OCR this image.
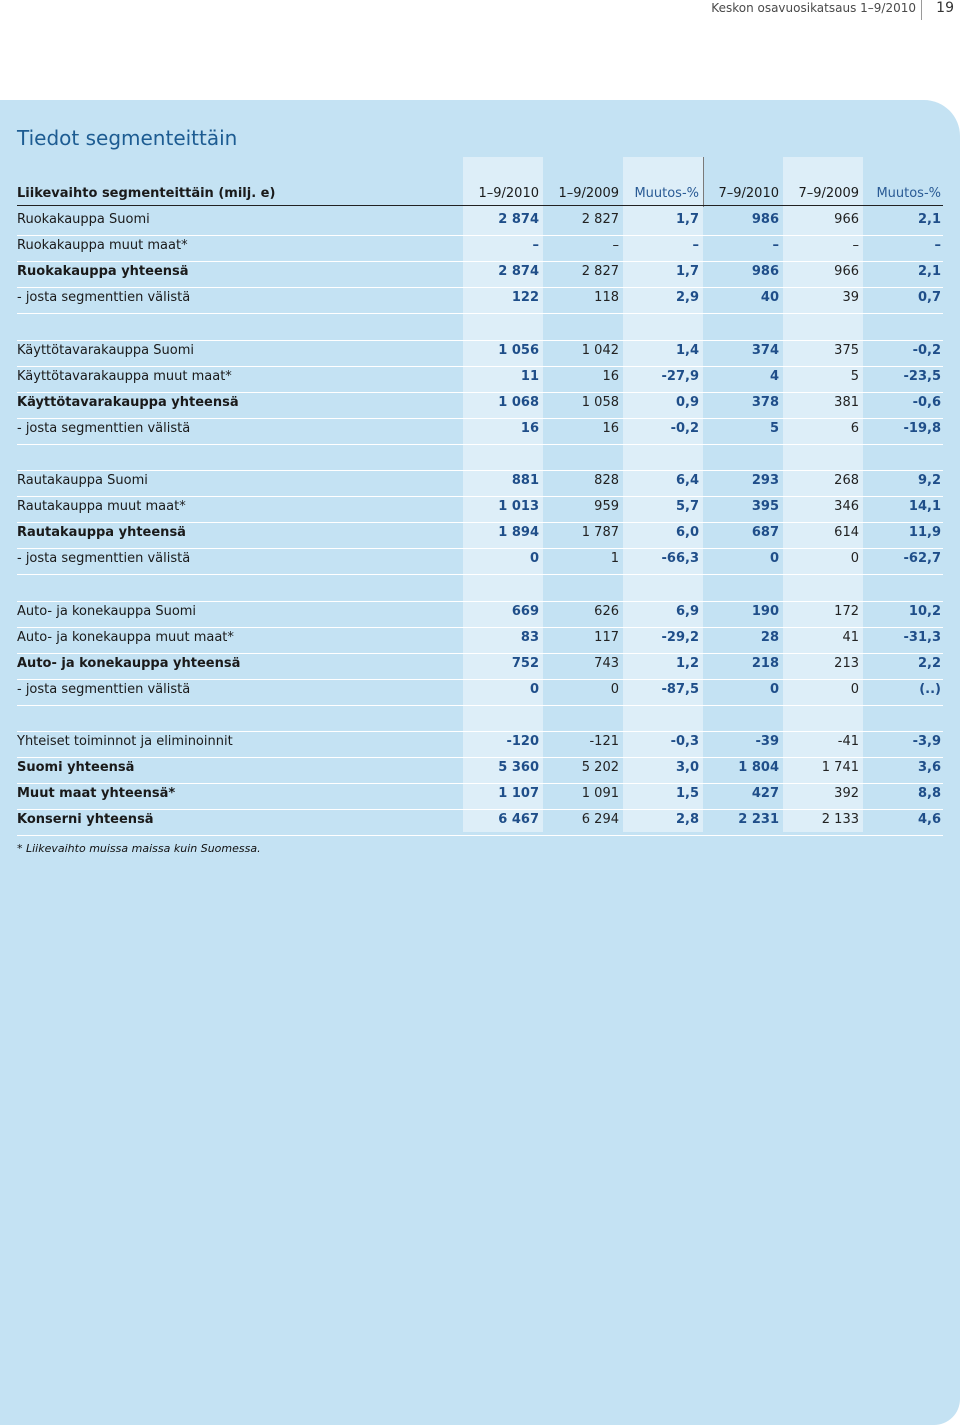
Keskon osavuosikatsaus 1–9/2010 19
Tiedot segmenteittäin
Liikevaihto segmenteittäin (milj. e)	1–9/2010	1–9/2009	Muutos-%	7–9/2010	7–9/2009	Muutos-%
Ruokakauppa Suomi	2 874	2 827	1,7	986	966	2,1
Ruokakauppa muut maat*	–	–	–	–	–	–
Ruokakauppa yhteensä	2 874	2 827	1,7	986	966	2,1
- josta segmenttien välistä	122	118	2,9	40	39	0,7
Käyttötavarakauppa Suomi	1 056	1 042	1,4	374	375	-0,2
Käyttötavarakauppa muut maat*	11	16	-27,9	4	5	-23,5
Käyttötavarakauppa yhteensä	1 068	1 058	0,9	378	381	-0,6
- josta segmenttien välistä	16	16	-0,2	5	6	-19,8
Rautakauppa Suomi	881	828	6,4	293	268	9,2
Rautakauppa muut maat*	1 013	959	5,7	395	346	14,1
Rautakauppa yhteensä	1 894	1 787	6,0	687	614	11,9
- josta segmenttien välistä	0	1	-66,3	0	0	-62,7
Auto- ja konekauppa Suomi	669	626	6,9	190	172	10,2
Auto- ja konekauppa muut maat*	83	117	-29,2	28	41	-31,3
Auto- ja konekauppa yhteensä	752	743	1,2	218	213	2,2
- josta segmenttien välistä	0	0	-87,5	0	0	(..)
Yhteiset toiminnot ja eliminoinnit	-120	-121	-0,3	-39	-41	-3,9
Suomi yhteensä	5 360	5 202	3,0	1 804	1 741	3,6
Muut maat yhteensä*	1 107	1 091	1,5	427	392	8,8
Konserni yhteensä	6 467	6 294	2,8	2 231	2 133	4,6
* Liikevaihto muissa maissa kuin Suomessa.
